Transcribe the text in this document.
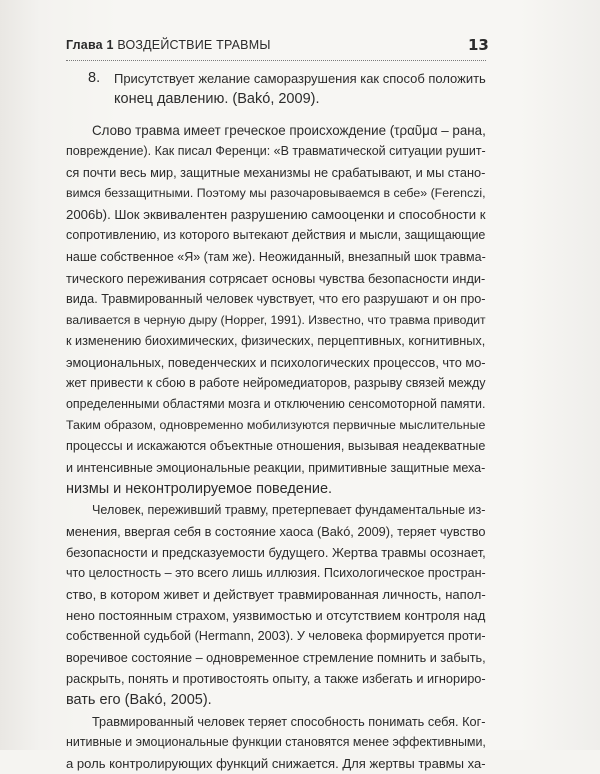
Глава 1 ВОЗДЕЙСТВИЕ ТРАВМЫ	13
8.	Присутствует желание саморазрушения как способ положить
конец давлению. (Bakó, 2009).
Слово травма имеет греческое происхождение (τραῦμα – рана,
повреждение). Как писал Ференци: «В травматической ситуации рушит-
ся почти весь мир, защитные механизмы не срабатывают, и мы стано-
вимся беззащитными. Поэтому мы разочаровываемся в себе» (Ferenczi,
2006b). Шок эквивалентен разрушению самооценки и способности к
сопротивлению, из которого вытекают действия и мысли, защищающие
наше собственное «Я» (там же). Неожиданный, внезапный шок травма-
тического переживания сотрясает основы чувства безопасности инди-
вида. Травмированный человек чувствует, что его разрушают и он про-
валивается в черную дыру (Hopper, 1991). Известно, что травма приводит
к изменению биохимических, физических, перцептивных, когнитивных,
эмоциональных, поведенческих и психологических процессов, что мо-
жет привести к сбою в работе нейромедиаторов, разрыву связей между
определенными областями мозга и отключению сенсомоторной памяти.
Таким образом, одновременно мобилизуются первичные мыслительные
процессы и искажаются объектные отношения, вызывая неадекватные
и интенсивные эмоциональные реакции, примитивные защитные меха-
низмы и неконтролируемое поведение.
Человек, переживший травму, претерпевает фундаментальные из-
менения, ввергая себя в состояние хаоса (Bakó, 2009), теряет чувство
безопасности и предсказуемости будущего. Жертва травмы осознает,
что целостность – это всего лишь иллюзия. Психологическое простран-
ство, в котором живет и действует травмированная личность, напол-
нено постоянным страхом, уязвимостью и отсутствием контроля над
собственной судьбой (Hermann, 2003). У человека формируется проти-
воречивое состояние – одновременное стремление помнить и забыть,
раскрыть, понять и противостоять опыту, а также избегать и игнориро-
вать его (Bakó, 2005).
Травмированный человек теряет способность понимать себя. Ког-
нитивные и эмоциональные функции становятся менее эффективными,
а роль контролирующих функций снижается. Для жертвы травмы ха-
